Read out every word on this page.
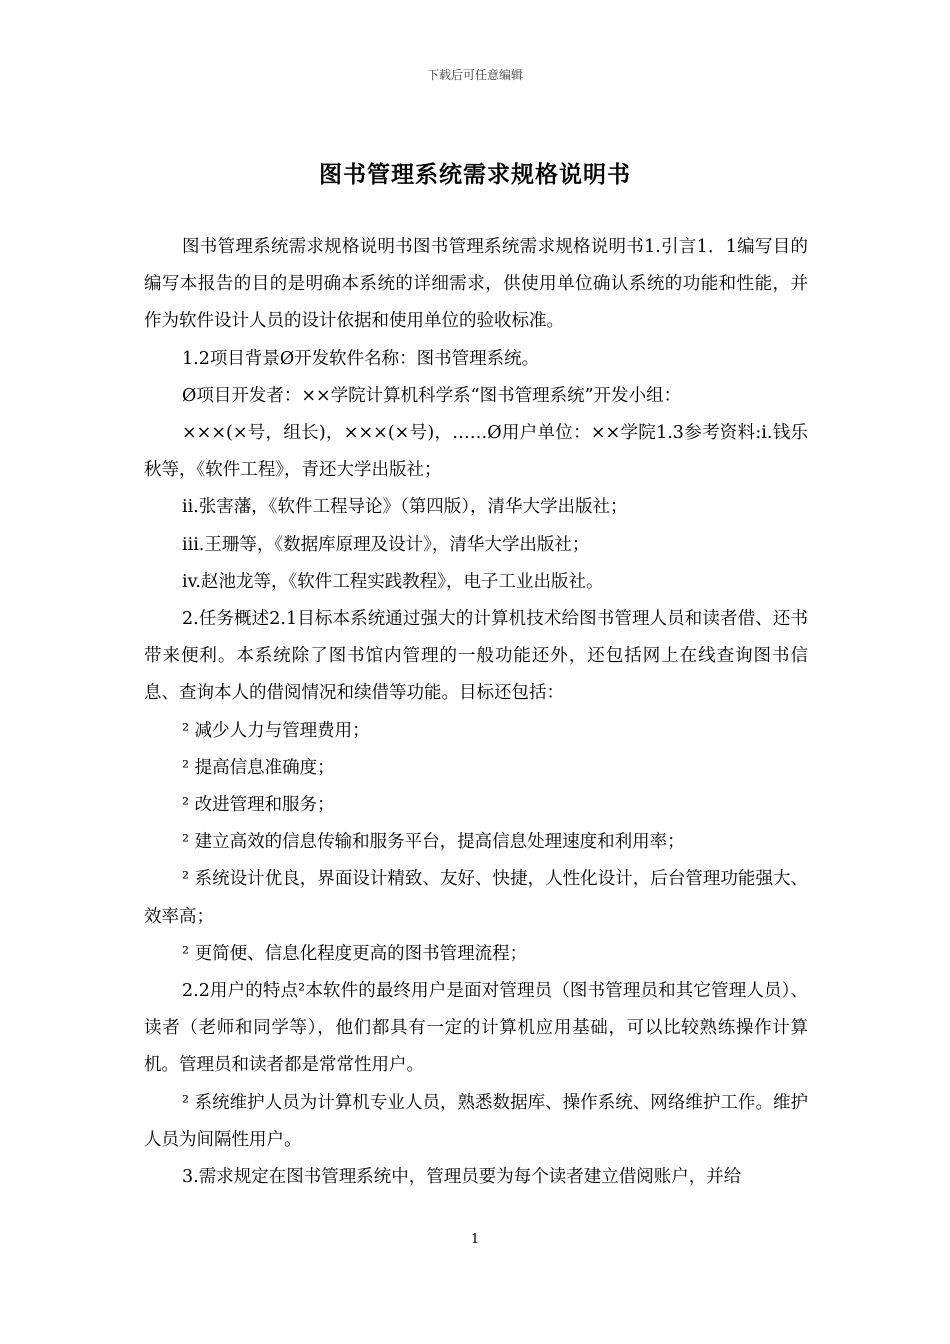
下载后可任意编辑
图书管理系统需求规格说明书

图书管理系统需求规格说明书图书管理系统需求规格说明书1.引言1．1编写目的编写本报告的目的是明确本系统的详细需求，供使用单位确认系统的功能和性能，并作为软件设计人员的设计依据和使用单位的验收标准。

1.2项目背景Ø开发软件名称：图书管理系统。

Ø项目开发者：××学院计算机科学系“图书管理系统”开发小组：

×××(×号，组长)，×××(×号)，……Ø用户单位：××学院1.3参考资料:i.钱乐秋等，《软件工程》，青还大学出版社；

ii.张害藩，《软件工程导论》（第四版），清华大学出版社；

iii.王珊等，《数据库原理及设计》，清华大学出版社；

iv.赵池龙等，《软件工程实践教程》，电子工业出版社。

2.任务概述2.1目标本系统通过强大的计算机技术给图书管理人员和读者借、还书带来便利。本系统除了图书馆内管理的一般功能还外，还包括网上在线查询图书信息、查询本人的借阅情况和续借等功能。目标还包括：

² 减少人力与管理费用；

² 提高信息准确度；

² 改进管理和服务；

² 建立高效的信息传输和服务平台，提高信息处理速度和利用率；

² 系统设计优良，界面设计精致、友好、快捷，人性化设计，后台管理功能强大、效率高；

² 更简便、信息化程度更高的图书管理流程；

2.2用户的特点²本软件的最终用户是面对管理员（图书管理员和其它管理人员）、读者（老师和同学等），他们都具有一定的计算机应用基础，可以比较熟练操作计算机。管理员和读者都是常常性用户。

² 系统维护人员为计算机专业人员，熟悉数据库、操作系统、网络维护工作。维护人员为间隔性用户。

3.需求规定在图书管理系统中，管理员要为每个读者建立借阅账户，并给

1
